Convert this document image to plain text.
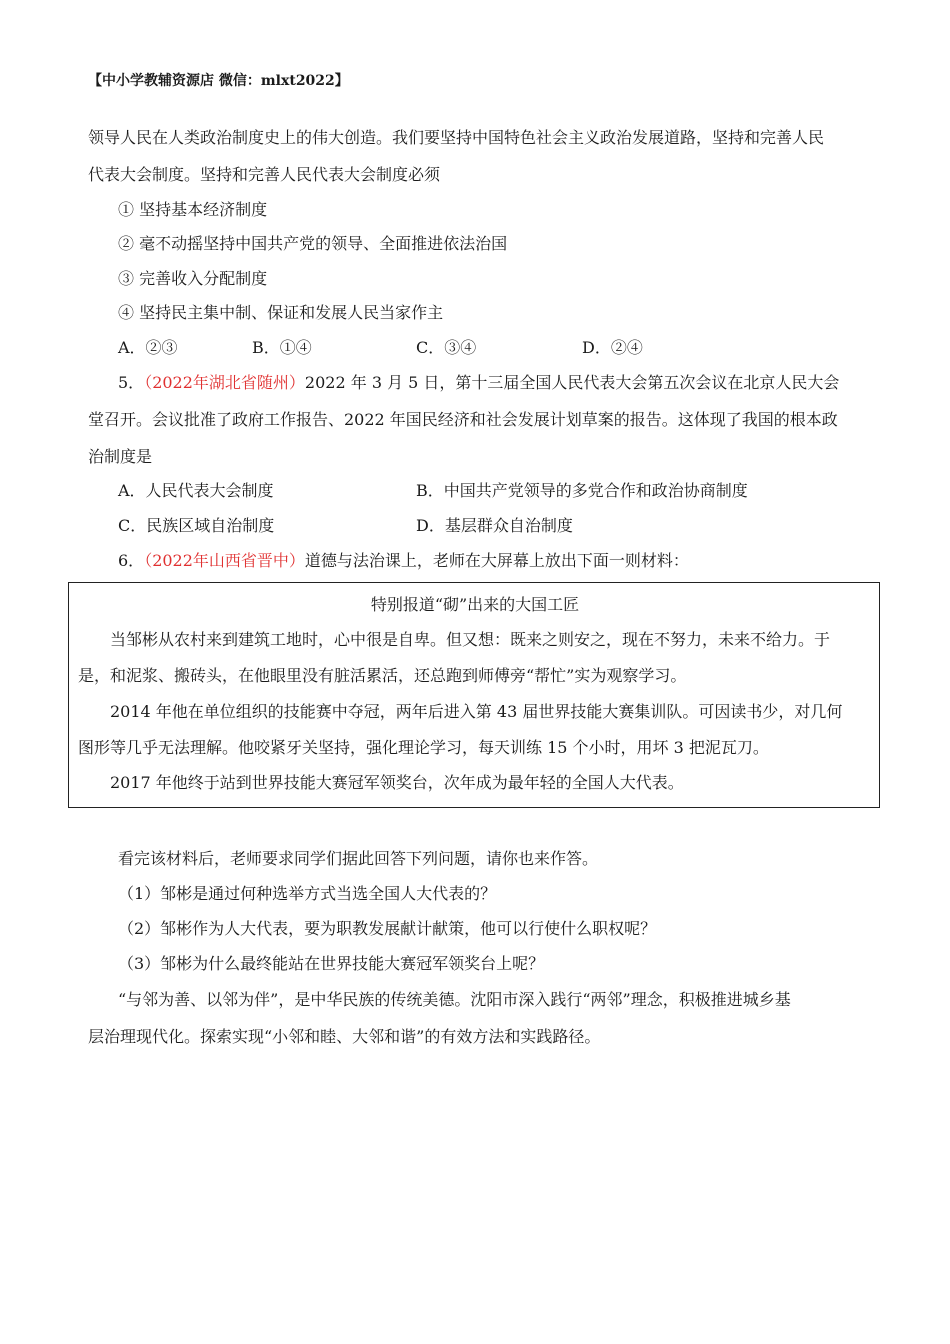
【中小学教辅资源店 微信：mlxt2022】
领导人民在人类政治制度史上的伟大创造。我们要坚持中国特色社会主义政治发展道路，坚持和完善人民
代表大会制度。坚持和完善人民代表大会制度必须
① 坚持基本经济制度
② 毫不动摇坚持中国共产党的领导、全面推进依法治国
③ 完善收入分配制度
④ 坚持民主集中制、保证和发展人民当家作主
A．②③	B．①④	C．③④	D．②④
5．（2022年湖北省随州）2022 年 3 月 5 日，第十三届全国人民代表大会第五次会议在北京人民大会
堂召开。会议批准了政府工作报告、2022 年国民经济和社会发展计划草案的报告。这体现了我国的根本政
治制度是
A．人民代表大会制度	B．中国共产党领导的多党合作和政治协商制度
C．民族区域自治制度	D．基层群众自治制度
6．（2022年山西省晋中）道德与法治课上，老师在大屏幕上放出下面一则材料：
特别报道“砌”出来的大国工匠
当邹彬从农村来到建筑工地时，心中很是自卑。但又想：既来之则安之，现在不努力，未来不给力。于
是，和泥浆、搬砖头，在他眼里没有脏活累活，还总跑到师傅旁“帮忙”实为观察学习。
2014 年他在单位组织的技能赛中夺冠，两年后进入第 43 届世界技能大赛集训队。可因读书少，对几何
图形等几乎无法理解。他咬紧牙关坚持，强化理论学习，每天训练 15 个小时，用坏 3 把泥瓦刀。
2017 年他终于站到世界技能大赛冠军领奖台，次年成为最年轻的全国人大代表。
看完该材料后，老师要求同学们据此回答下列问题，请你也来作答。
（1）邹彬是通过何种选举方式当选全国人大代表的？
（2）邹彬作为人大代表，要为职教发展献计献策，他可以行使什么职权呢？
（3）邹彬为什么最终能站在世界技能大赛冠军领奖台上呢？
“与邻为善、以邻为伴”，是中华民族的传统美德。沈阳市深入践行“两邻”理念，积极推进城乡基
层治理现代化。探索实现“小邻和睦、大邻和谐”的有效方法和实践路径。
